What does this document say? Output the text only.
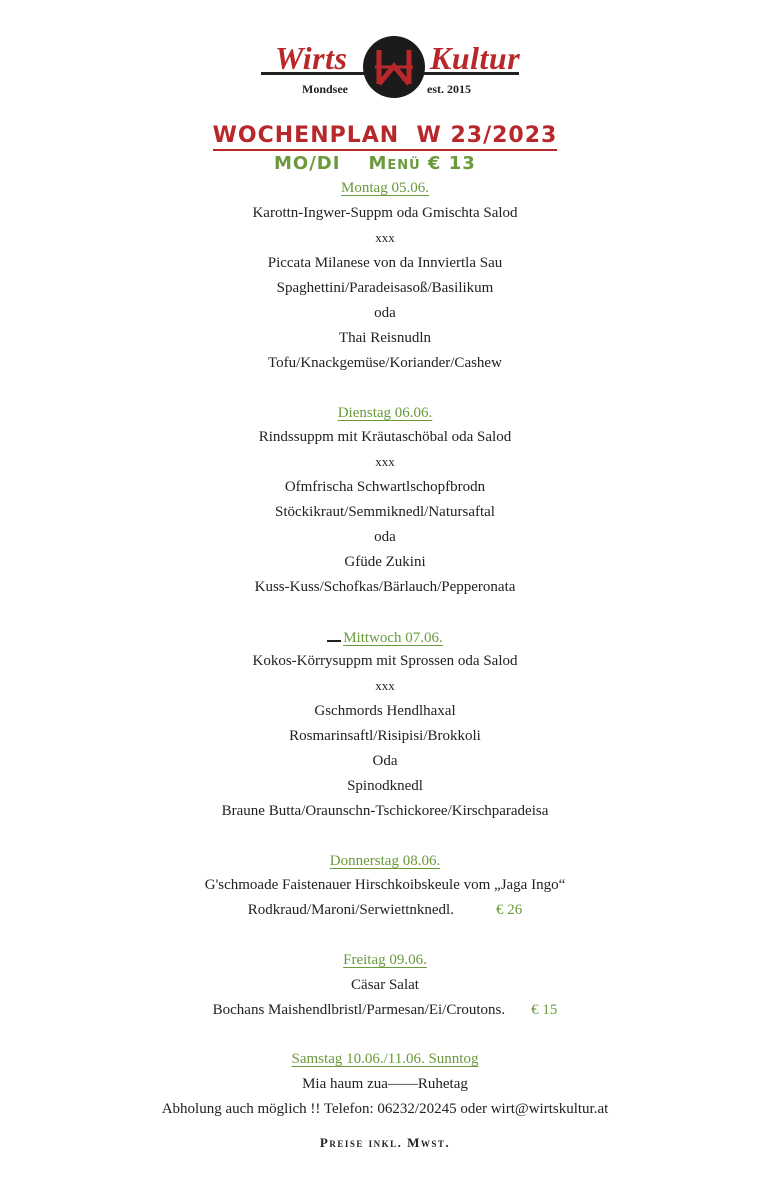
Wirts	Kultur
Mondsee	est. 2015
WOCHENPLAN  W 23/2023
MO/DI Menü € 13
Montag 05.06.
Karottn-Ingwer-Suppm oda Gmischta Salod
xxx
Piccata Milanese von da Innviertla Sau
Spaghettini/Paradeisasoß/Basilikum
oda
Thai Reisnudln
Tofu/Knackgemüse/Koriander/Cashew
Dienstag 06.06.
Rindssuppm mit Kräutaschöbal oda Salod
xxx
Ofmfrischa Schwartlschopfbrodn
Stöckikraut/Semmiknedl/Natursaftal
oda
Gfüde Zukini
Kuss-Kuss/Schofkas/Bärlauch/Pepperonata
Mittwoch 07.06.
Kokos-Körrysuppm mit Sprossen oda Salod
xxx
Gschmords Hendlhaxal
Rosmarinsaftl/Risipisi/Brokkoli
Oda
Spinodknedl
Braune Butta/Oraunschn-Tschickoree/Kirschparadeisa
Donnerstag 08.06.
G'schmoade Faistenauer Hirschkoibskeule vom „Jaga Ingo“
Rodkraud/Maroni/Serwiettnknedl.	€ 26
Freitag 09.06.
Cäsar Salat
Bochans Maishendlbristl/Parmesan/Ei/Croutons. € 15
Samstag 10.06./11.06. Sunntog
Mia haum zua——Ruhetag
Abholung auch möglich !! Telefon: 06232/20245 oder wirt@wirtskultur.at
Preise inkl. Mwst.
